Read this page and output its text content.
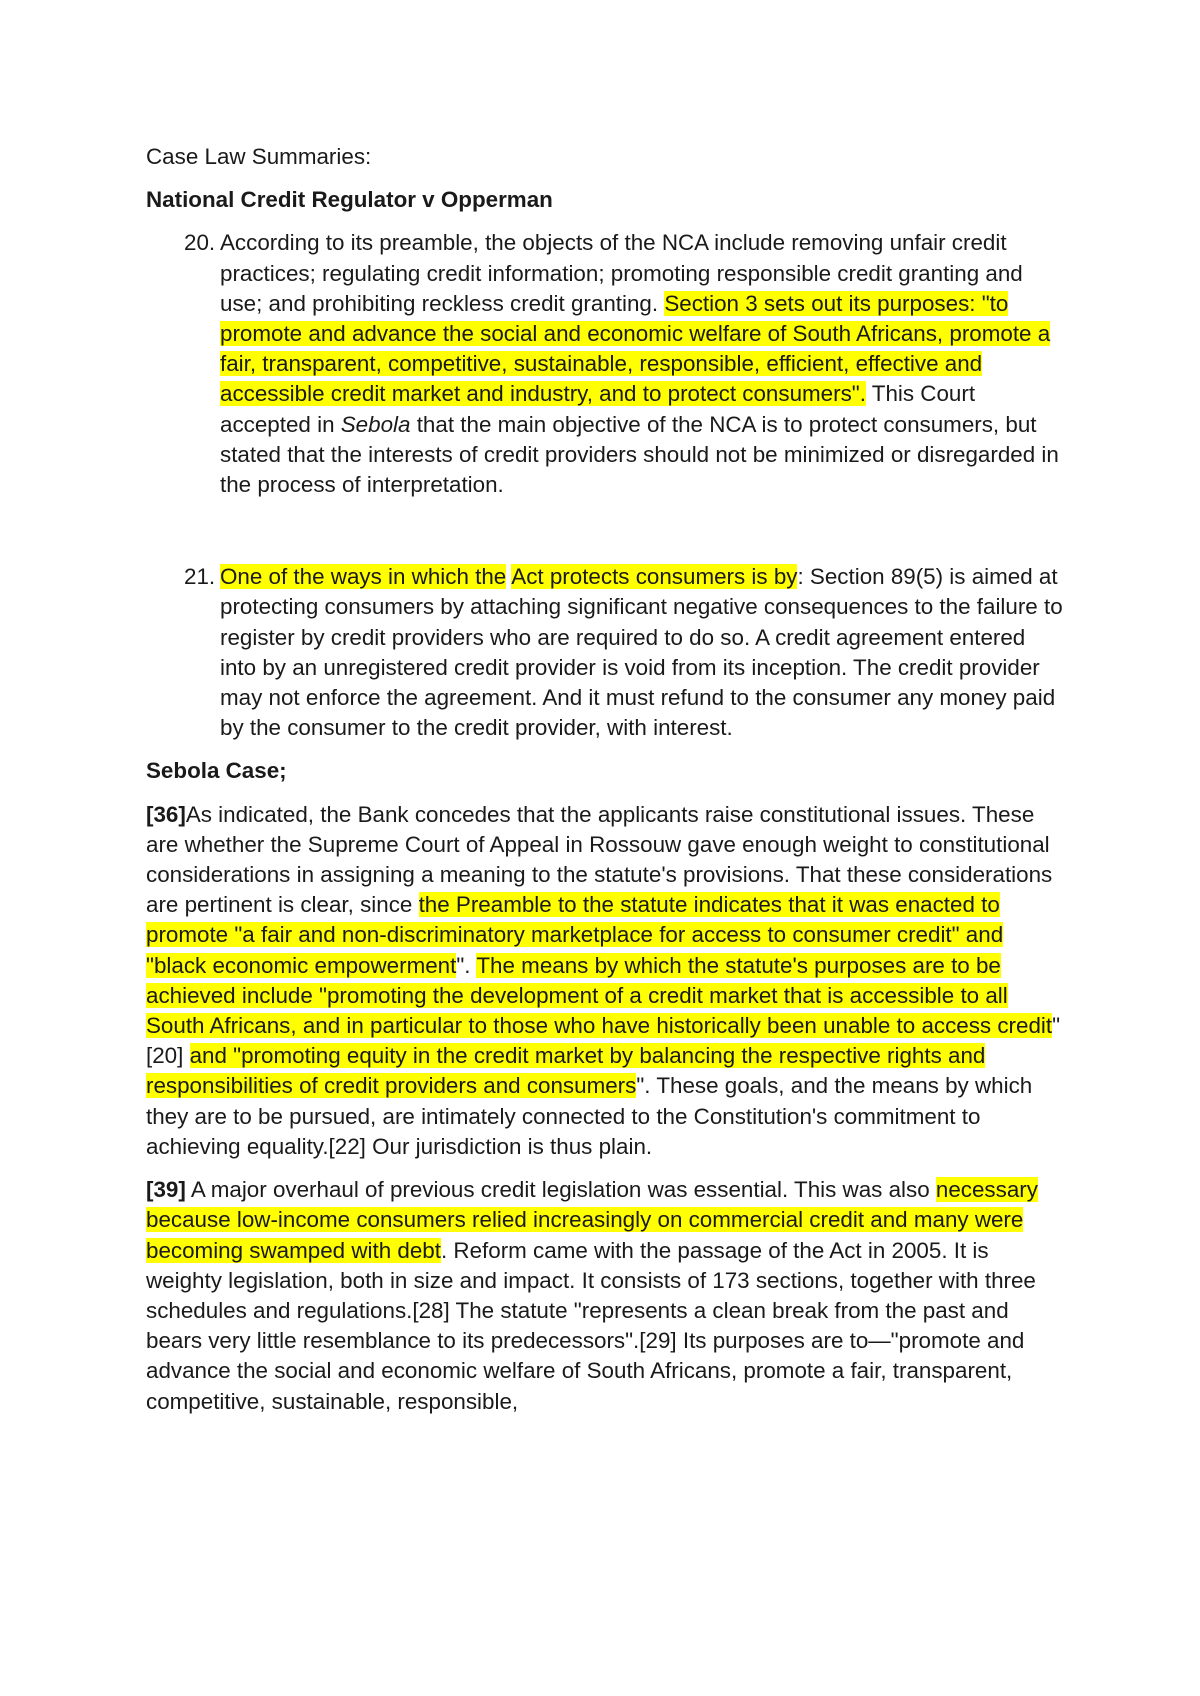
Case Law Summaries:

National Credit Regulator v Opperman

20. According to its preamble, the objects of the NCA include removing unfair credit practices; regulating credit information; promoting responsible credit granting and use; and prohibiting reckless credit granting. Section 3 sets out its purposes: "to promote and advance the social and economic welfare of South Africans, promote a fair, transparent, competitive, sustainable, responsible, efficient, effective and accessible credit market and industry, and to protect consumers". This Court accepted in Sebola that the main objective of the NCA is to protect consumers, but stated that the interests of credit providers should not be minimized or disregarded in the process of interpretation.

21. One of the ways in which the Act protects consumers is by: Section 89(5) is aimed at protecting consumers by attaching significant negative consequences to the failure to register by credit providers who are required to do so. A credit agreement entered into by an unregistered credit provider is void from its inception. The credit provider may not enforce the agreement. And it must refund to the consumer any money paid by the consumer to the credit provider, with interest.

Sebola Case;

[36]As indicated, the Bank concedes that the applicants raise constitutional issues. These are whether the Supreme Court of Appeal in Rossouw gave enough weight to constitutional considerations in assigning a meaning to the statute's provisions. That these considerations are pertinent is clear, since the Preamble to the statute indicates that it was enacted to promote "a fair and non-discriminatory marketplace for access to consumer credit" and "black economic empowerment". The means by which the statute's purposes are to be achieved include "promoting the development of a credit market that is accessible to all South Africans, and in particular to those who have historically been unable to access credit"[20] and "promoting equity in the credit market by balancing the respective rights and responsibilities of credit providers and consumers". These goals, and the means by which they are to be pursued, are intimately connected to the Constitution's commitment to achieving equality.[22] Our jurisdiction is thus plain.

[39] A major overhaul of previous credit legislation was essential. This was also necessary because low-income consumers relied increasingly on commercial credit and many were becoming swamped with debt. Reform came with the passage of the Act in 2005. It is weighty legislation, both in size and impact. It consists of 173 sections, together with three schedules and regulations.[28] The statute "represents a clean break from the past and bears very little resemblance to its predecessors".[29] Its purposes are to—"promote and advance the social and economic welfare of South Africans, promote a fair, transparent, competitive, sustainable, responsible,
